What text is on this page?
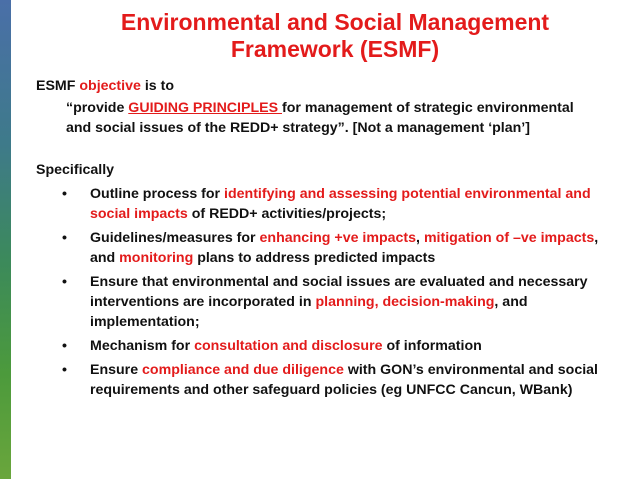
Environmental and Social Management
Framework (ESMF)

ESMF objective is to

“provide GUIDING PRINCIPLES for management of strategic environmental
and social issues of the REDD+ strategy”. [Not a management ‘plan’]

Specifically

•	Outline process for identifying and assessing potential environmental and social impacts of REDD+ activities/projects;
•	Guidelines/measures for enhancing +ve impacts, mitigation of –ve impacts, and monitoring plans to address predicted impacts
•	Ensure that environmental and social issues are evaluated and necessary interventions are incorporated in planning, decision-making, and implementation;
•	Mechanism for consultation and disclosure of information
•	Ensure compliance and due diligence with GON’s environmental and social requirements and other safeguard policies (eg UNFCC Cancun, WBank)
